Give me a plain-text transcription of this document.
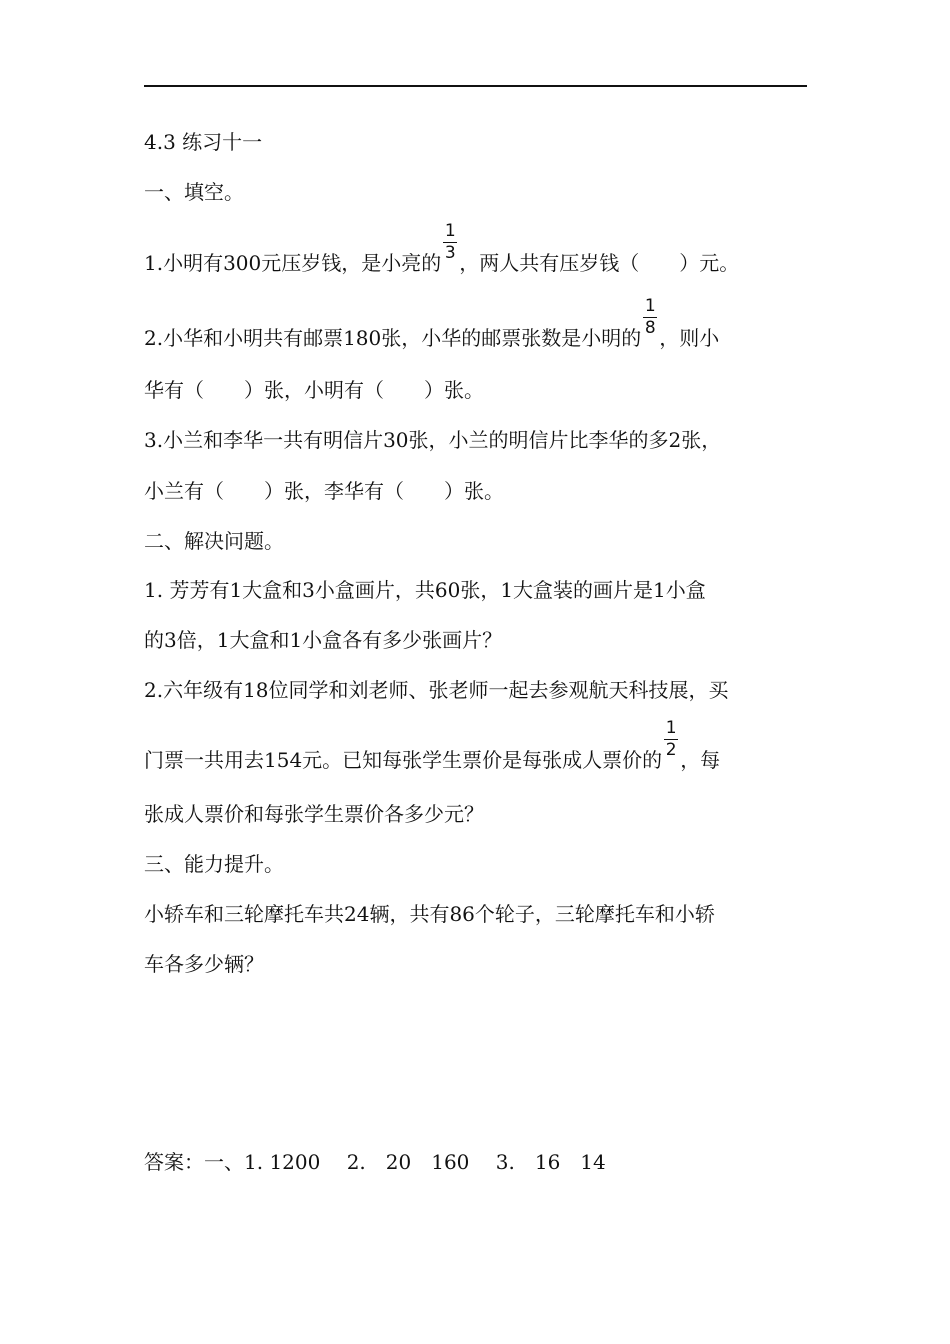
4.3 练习十一
一、填空。
1.小明有300元压岁钱，是小亮的 $\frac{1}{3}$ ，两人共有压岁钱（　　）元。
2.小华和小明共有邮票180张，小华的邮票张数是小明的 $\frac{1}{8}$ ，则小
华有（　　）张，小明有（　　）张。
3.小兰和李华一共有明信片30张，小兰的明信片比李华的多2张，
小兰有（　　）张，李华有（　　）张。
二、解决问题。
1. 芳芳有1大盒和3小盒画片，共60张，1大盒装的画片是1小盒
的3倍，1大盒和1小盒各有多少张画片？
2.六年级有18位同学和刘老师、张老师一起去参观航天科技展，买
门票一共用去154元。已知每张学生票价是每张成人票价的 $\frac{1}{2}$ ，每
张成人票价和每张学生票价各多少元？
三、能力提升。
小轿车和三轮摩托车共24辆，共有86个轮子，三轮摩托车和小轿
车各多少辆？
答案：一、1. 1200　 2.　20　160　 3.　16　14
